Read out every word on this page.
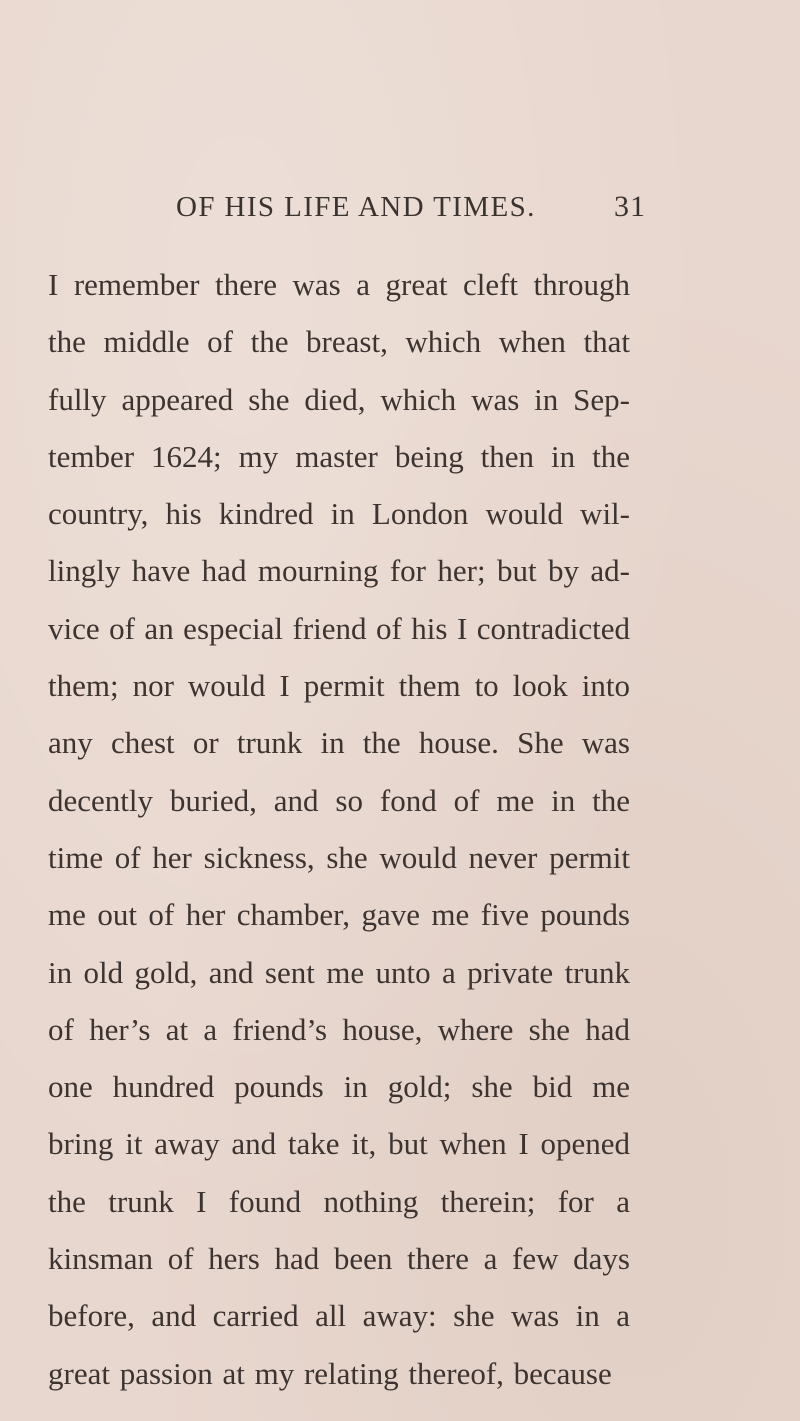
OF HIS LIFE AND TIMES.	31
I remember there was a great cleft through
the middle of the breast, which when that
fully appeared she died, which was in Sep-
tember 1624; my master being then in the
country, his kindred in London would wil-
lingly have had mourning for her; but by ad-
vice of an especial friend of his I contradicted
them; nor would I permit them to look into
any chest or trunk in the house. She was
decently buried, and so fond of me in the
time of her sickness, she would never permit
me out of her chamber, gave me five pounds
in old gold, and sent me unto a private trunk
of her’s at a friend’s house, where she had
one hundred pounds in gold; she bid me
bring it away and take it, but when I opened
the trunk I found nothing therein; for a
kinsman of hers had been there a few days
before, and carried all away: she was in a
great passion at my relating thereof, because
